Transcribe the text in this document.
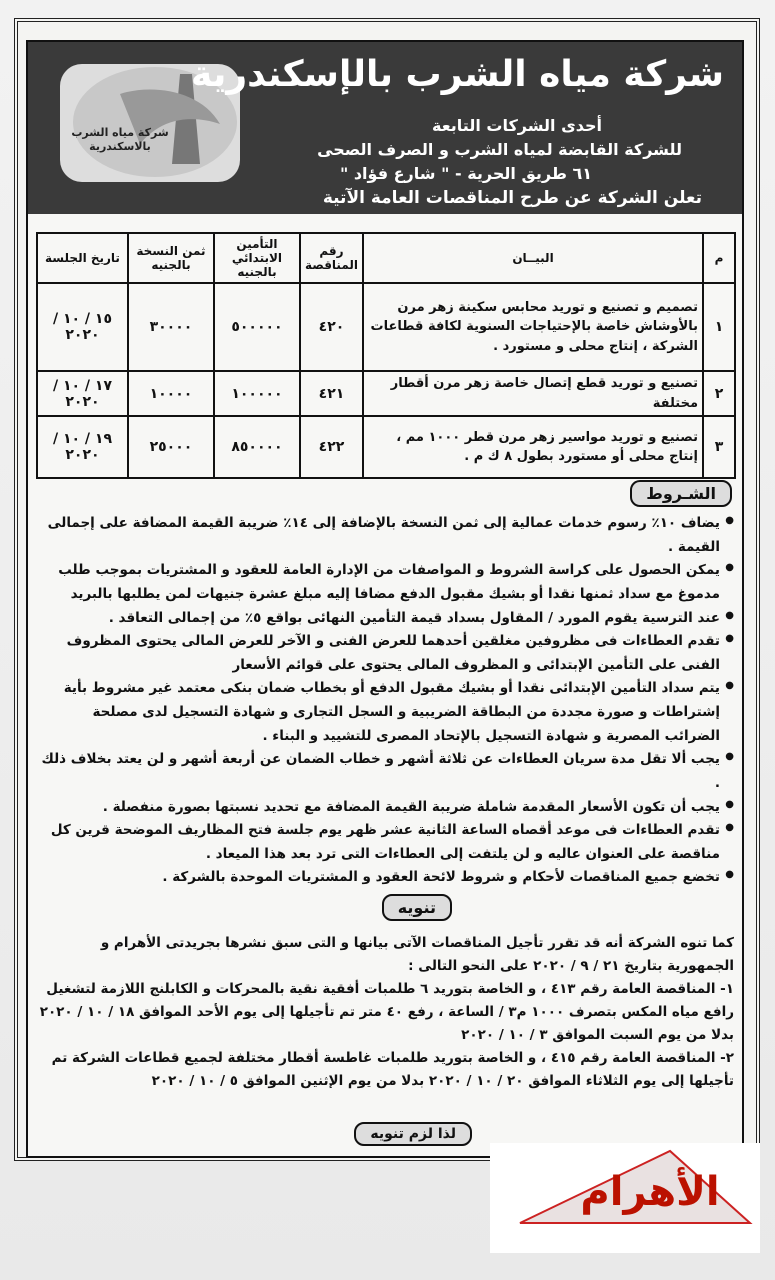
شركة مياه الشرب بالاسكندرية
شركة مياه الشرب بالإسكندرية
أحدى الشركات التابعة
للشركة القابضة لمياه الشرب و الصرف الصحى
٦١ طريق الحرية - " شارع فؤاد "
تعلن الشركة عن طرح المناقصات العامة الآتية
م	البيــان	رقم المناقصة	التأمين الابتدائي بالجنيه	ثمن النسخة بالجنيه	تاريخ الجلسة
١	تصميم و تصنيع و توريد محابس سكينة زهر مرن بالأوشاش خاصة بالإحتياجات السنوية لكافة قطاعات الشركة ، إنتاج محلى و مستورد .	٤٢٠	٥٠٠٠٠٠	٣٠٠٠٠	١٥ / ١٠ / ٢٠٢٠
٢	تصنيع و توريد قطع إتصال خاصة زهر مرن أقطار مختلفة	٤٢١	١٠٠٠٠٠	١٠٠٠٠	١٧ / ١٠ / ٢٠٢٠
٣	تصنيع و توريد مواسير زهر مرن قطر ١٠٠٠ مم ، إنتاج محلى أو مستورد بطول ٨ ك م .	٤٢٢	٨٥٠٠٠٠	٢٥٠٠٠	١٩ / ١٠ / ٢٠٢٠
الشـروط

● يضاف ١٠٪ رسوم خدمات عمالية إلى ثمن النسخة بالإضافة إلى ١٤٪ ضريبة القيمة المضافة على إجمالى القيمة .

● يمكن الحصول على كراسة الشروط و المواصفات من الإدارة العامة للعقود و المشتريات بموجب طلب مدموغ مع سداد ثمنها نقدا أو بشيك مقبول الدفع مضافا إليه مبلغ عشرة جنيهات لمن يطلبها بالبريد

● عند الترسية يقوم المورد / المقاول بسداد قيمة التأمين النهائى بواقع ٥٪ من إجمالى التعاقد .

● تقدم العطاءات فى مظروفين مغلقين أحدهما للعرض الفنى و الآخر للعرض المالى يحتوى المظروف الفنى على التأمين الإبتدائى و المظروف المالى يحتوى على قوائم الأسعار

● يتم سداد التأمين الإبتدائى نقدا أو بشيك مقبول الدفع أو بخطاب ضمان بنكى معتمد غير مشروط بأية إشتراطات و صورة مجددة من البطاقة الضريبية و السجل التجارى و شهادة التسجيل لدى مصلحة الضرائب المصرية و شهادة التسجيل بالإتحاد المصرى للتشييد و البناء .

● يجب ألا تقل مدة سريان العطاءات عن ثلاثة أشهر و خطاب الضمان عن أربعة أشهر و لن يعتد بخلاف ذلك .

● يجب أن تكون الأسعار المقدمة شاملة ضريبة القيمة المضافة مع تحديد نسبتها بصورة منفصلة .

● تقدم العطاءات فى موعد أقصاه الساعة الثانية عشر ظهر يوم جلسة فتح المظاريف الموضحة قرين كل مناقصة على العنوان عاليه و لن يلتفت إلى العطاءات التى ترد بعد هذا الميعاد .

● تخضع جميع المناقصات لأحكام و شروط لائحة العقود و المشتريات الموحدة بالشركة .

تنويه

كما تنوه الشركة أنه قد تقرر تأجيل المناقصات الآتى بيانها و التى سبق نشرها بجريدتى الأهرام و الجمهورية بتاريخ ٢١ / ٩ / ٢٠٢٠ على النحو التالى :

١- المناقصة العامة رقم ٤١٣ ، و الخاصة بتوريد ٦ طلمبات أفقية نقية بالمحركات و الكابلنج اللازمة لتشغيل رافع مياه المكس بتصرف ١٠٠٠ م٣ / الساعة ، رفع ٤٠ متر تم تأجيلها إلى يوم الأحد الموافق ١٨ / ١٠ / ٢٠٢٠ بدلا من يوم السبت الموافق ٣ / ١٠ / ٢٠٢٠

٢- المناقصة العامة رقم ٤١٥ ، و الخاصة بتوريد طلمبات غاطسة أقطار مختلفة لجميع قطاعات الشركة تم تأجيلها إلى يوم الثلاثاء الموافق ٢٠ / ١٠ / ٢٠٢٠ بدلا من يوم الإثنين الموافق ٥ / ١٠ / ٢٠٢٠

لذا لزم تنويه
الأهرام
